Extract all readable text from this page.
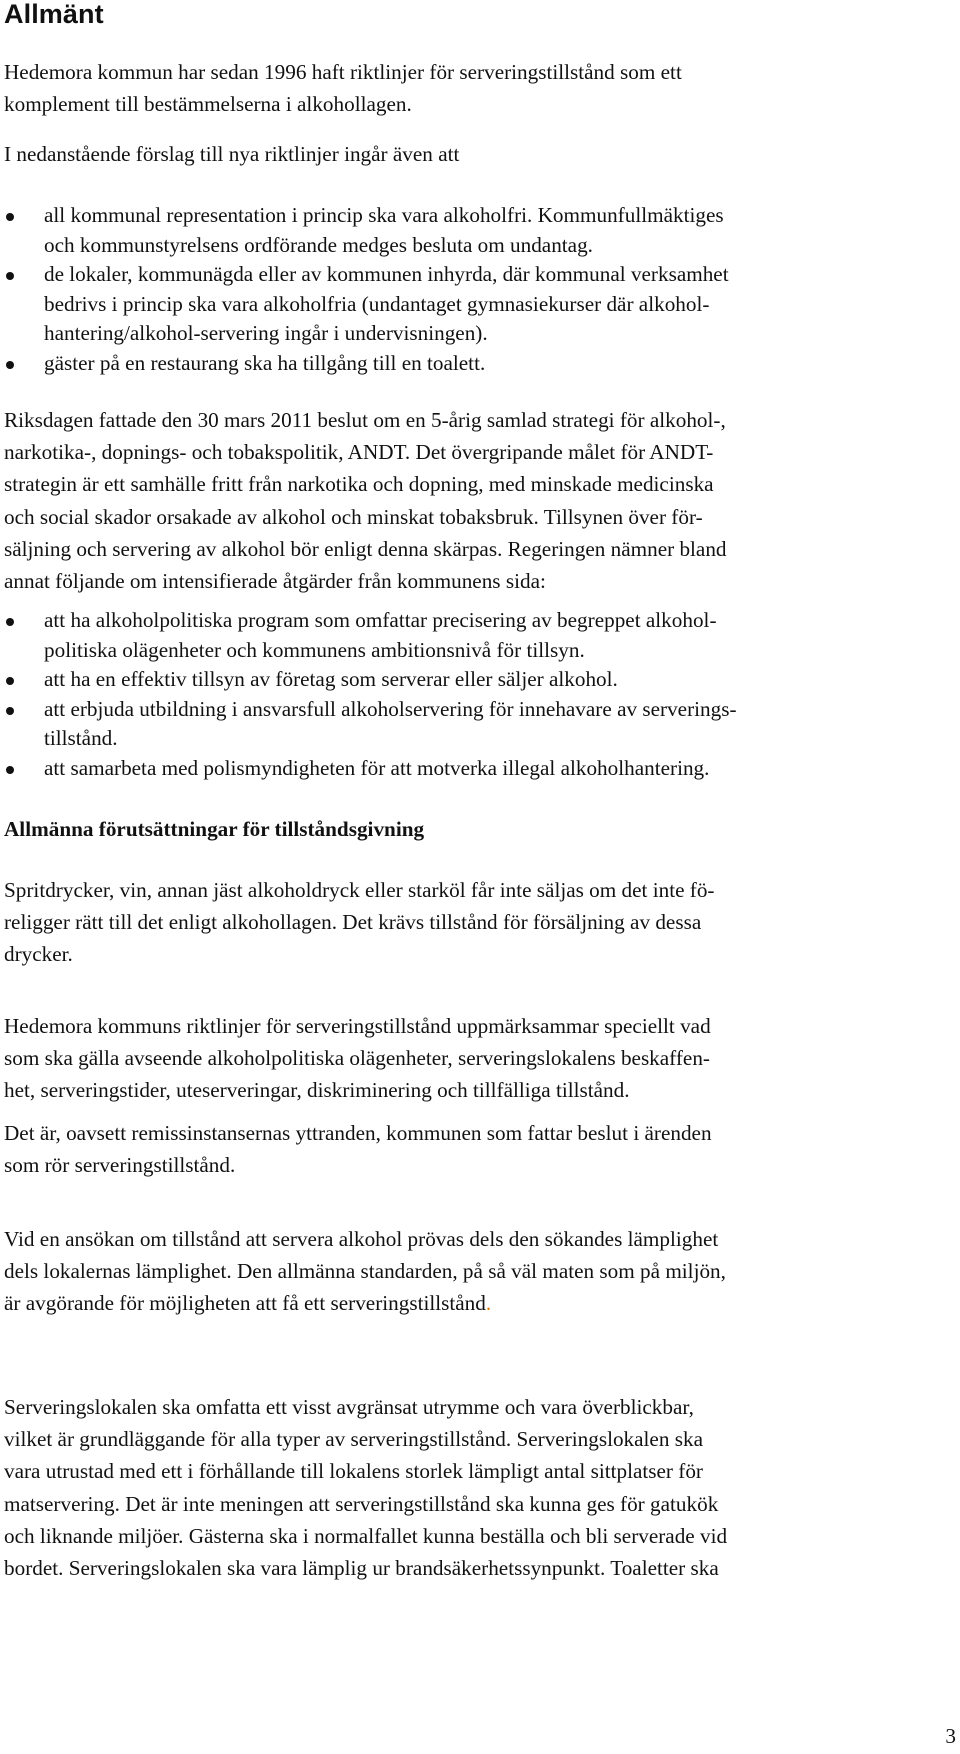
Allmänt

Hedemora kommun har sedan 1996 haft riktlinjer för serveringstillstånd som ett
komplement till bestämmelserna i alkohollagen.

I nedanstående förslag till nya riktlinjer ingår även att

all kommunal representation i princip ska vara alkoholfri. Kommunfullmäktiges
och kommunstyrelsens ordförande medges besluta om undantag.
de lokaler, kommunägda eller av kommunen inhyrda, där kommunal verksamhet
bedrivs i princip ska vara alkoholfria (undantaget gymnasiekurser där alkohol-
hantering/alkohol-servering ingår i undervisningen).
gäster på en restaurang ska ha tillgång till en toalett.

Riksdagen fattade den 30 mars 2011 beslut om en 5-årig samlad strategi för alkohol-,
narkotika-, dopnings- och tobakspolitik, ANDT. Det övergripande målet för ANDT-
strategin är ett samhälle fritt från narkotika och dopning, med minskade medicinska
och social skador orsakade av alkohol och minskat tobaksbruk. Tillsynen över för-
säljning och servering av alkohol bör enligt denna skärpas. Regeringen nämner bland
annat följande om intensifierade åtgärder från kommunens sida:

att ha alkoholpolitiska program som omfattar precisering av begreppet alkohol-
politiska olägenheter och kommunens ambitionsnivå för tillsyn.
att ha en effektiv tillsyn av företag som serverar eller säljer alkohol.
att erbjuda utbildning i ansvarsfull alkoholservering för innehavare av serverings-
tillstånd.
att samarbeta med polismyndigheten för att motverka illegal alkoholhantering.
Allmänna förutsättningar för tillståndsgivning

Spritdrycker, vin, annan jäst alkoholdryck eller starköl får inte säljas om det inte fö-
religger rätt till det enligt alkohollagen. Det krävs tillstånd för försäljning av dessa
drycker.

Hedemora kommuns riktlinjer för serveringstillstånd uppmärksammar speciellt vad
som ska gälla avseende alkoholpolitiska olägenheter, serveringslokalens beskaffen-
het, serveringstider, uteserveringar, diskriminering och tillfälliga tillstånd.

Det är, oavsett remissinstansernas yttranden, kommunen som fattar beslut i ärenden
som rör serveringstillstånd.

Vid en ansökan om tillstånd att servera alkohol prövas dels den sökandes lämplighet
dels lokalernas lämplighet. Den allmänna standarden, på så väl maten som på miljön,
är avgörande för möjligheten att få ett serveringstillstånd.

Serveringslokalen ska omfatta ett visst avgränsat utrymme och vara överblickbar,
vilket är grundläggande för alla typer av serveringstillstånd. Serveringslokalen ska
vara utrustad med ett i förhållande till lokalens storlek lämpligt antal sittplatser för
matservering. Det är inte meningen att serveringstillstånd ska kunna ges för gatukök
och liknande miljöer. Gästerna ska i normalfallet kunna beställa och bli serverade vid
bordet. Serveringslokalen ska vara lämplig ur brandsäkerhetssynpunkt. Toaletter ska

3
